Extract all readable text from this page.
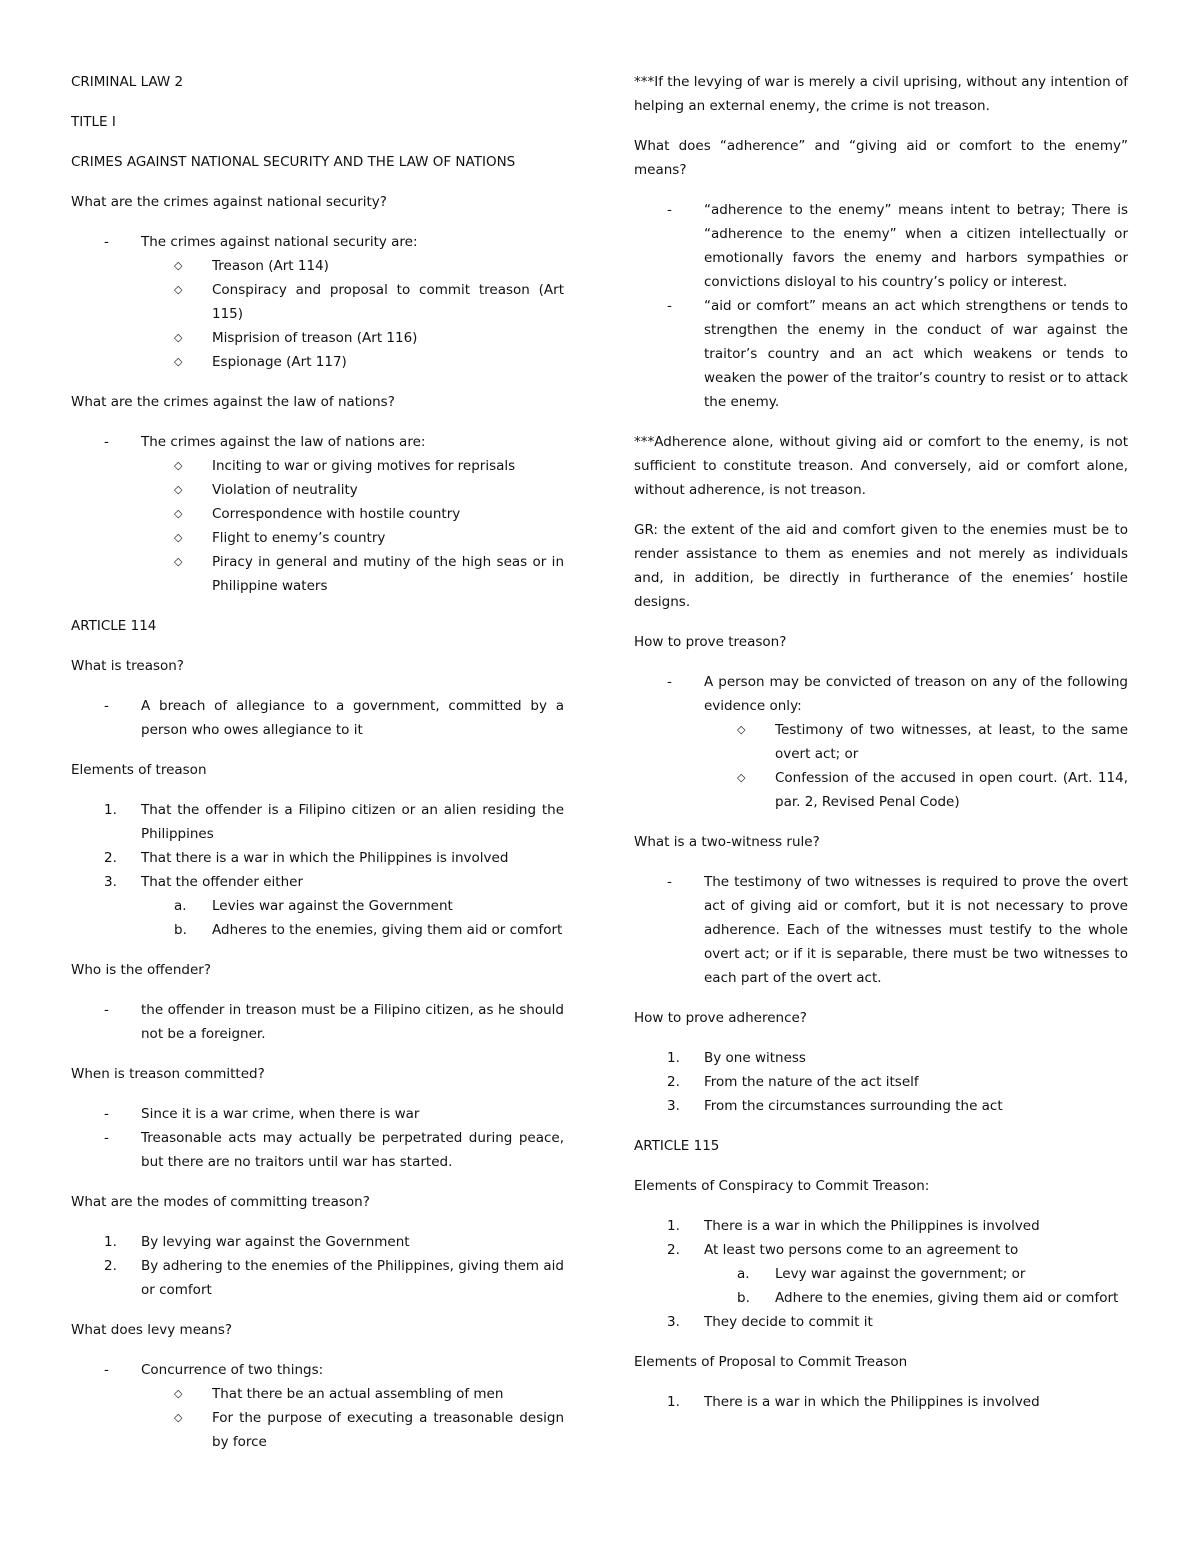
CRIMINAL LAW 2

TITLE I

CRIMES AGAINST NATIONAL SECURITY AND THE LAW OF NATIONS

What are the crimes against national security?

- The crimes against national security are:
◇ Treason (Art 114)
◇ Conspiracy and proposal to commit treason (Art 115)
◇ Misprision of treason (Art 116)
◇ Espionage (Art 117)

What are the crimes against the law of nations?

- The crimes against the law of nations are:
◇ Inciting to war or giving motives for reprisals
◇ Violation of neutrality
◇ Correspondence with hostile country
◇ Flight to enemy’s country
◇ Piracy in general and mutiny of the high seas or in Philippine waters

ARTICLE 114

What is treason?

- A breach of allegiance to a government, committed by a person who owes allegiance to it

Elements of treason

1. That the offender is a Filipino citizen or an alien residing the Philippines
2. That there is a war in which the Philippines is involved
3. That the offender either
a. Levies war against the Government
b. Adheres to the enemies, giving them aid or comfort

Who is the offender?

- the offender in treason must be a Filipino citizen, as he should not be a foreigner.

When is treason committed?

- Since it is a war crime, when there is war
- Treasonable acts may actually be perpetrated during peace, but there are no traitors until war has started.

What are the modes of committing treason?

1. By levying war against the Government
2. By adhering to the enemies of the Philippines, giving them aid or comfort

What does levy means?

- Concurrence of two things:
◇ That there be an actual assembling of men
◇ For the purpose of executing a treasonable design by force

***If the levying of war is merely a civil uprising, without any intention of helping an external enemy, the crime is not treason.

What does “adherence” and “giving aid or comfort to the enemy” means?

- “adherence to the enemy” means intent to betray; There is “adherence to the enemy” when a citizen intellectually or emotionally favors the enemy and harbors sympathies or convictions disloyal to his country’s policy or interest.
- “aid or comfort” means an act which strengthens or tends to strengthen the enemy in the conduct of war against the traitor’s country and an act which weakens or tends to weaken the power of the traitor’s country to resist or to attack the enemy.

***Adherence alone, without giving aid or comfort to the enemy, is not sufficient to constitute treason. And conversely, aid or comfort alone, without adherence, is not treason.

GR: the extent of the aid and comfort given to the enemies must be to render assistance to them as enemies and not merely as individuals and, in addition, be directly in furtherance of the enemies’ hostile designs.

How to prove treason?

- A person may be convicted of treason on any of the following evidence only:
◇ Testimony of two witnesses, at least, to the same overt act; or
◇ Confession of the accused in open court. (Art. 114, par. 2, Revised Penal Code)

What is a two-witness rule?

- The testimony of two witnesses is required to prove the overt act of giving aid or comfort, but it is not necessary to prove adherence. Each of the witnesses must testify to the whole overt act; or if it is separable, there must be two witnesses to each part of the overt act.

How to prove adherence?

1. By one witness
2. From the nature of the act itself
3. From the circumstances surrounding the act

ARTICLE 115

Elements of Conspiracy to Commit Treason:

1. There is a war in which the Philippines is involved
2. At least two persons come to an agreement to
a. Levy war against the government; or
b. Adhere to the enemies, giving them aid or comfort
3. They decide to commit it

Elements of Proposal to Commit Treason

1. There is a war in which the Philippines is involved
